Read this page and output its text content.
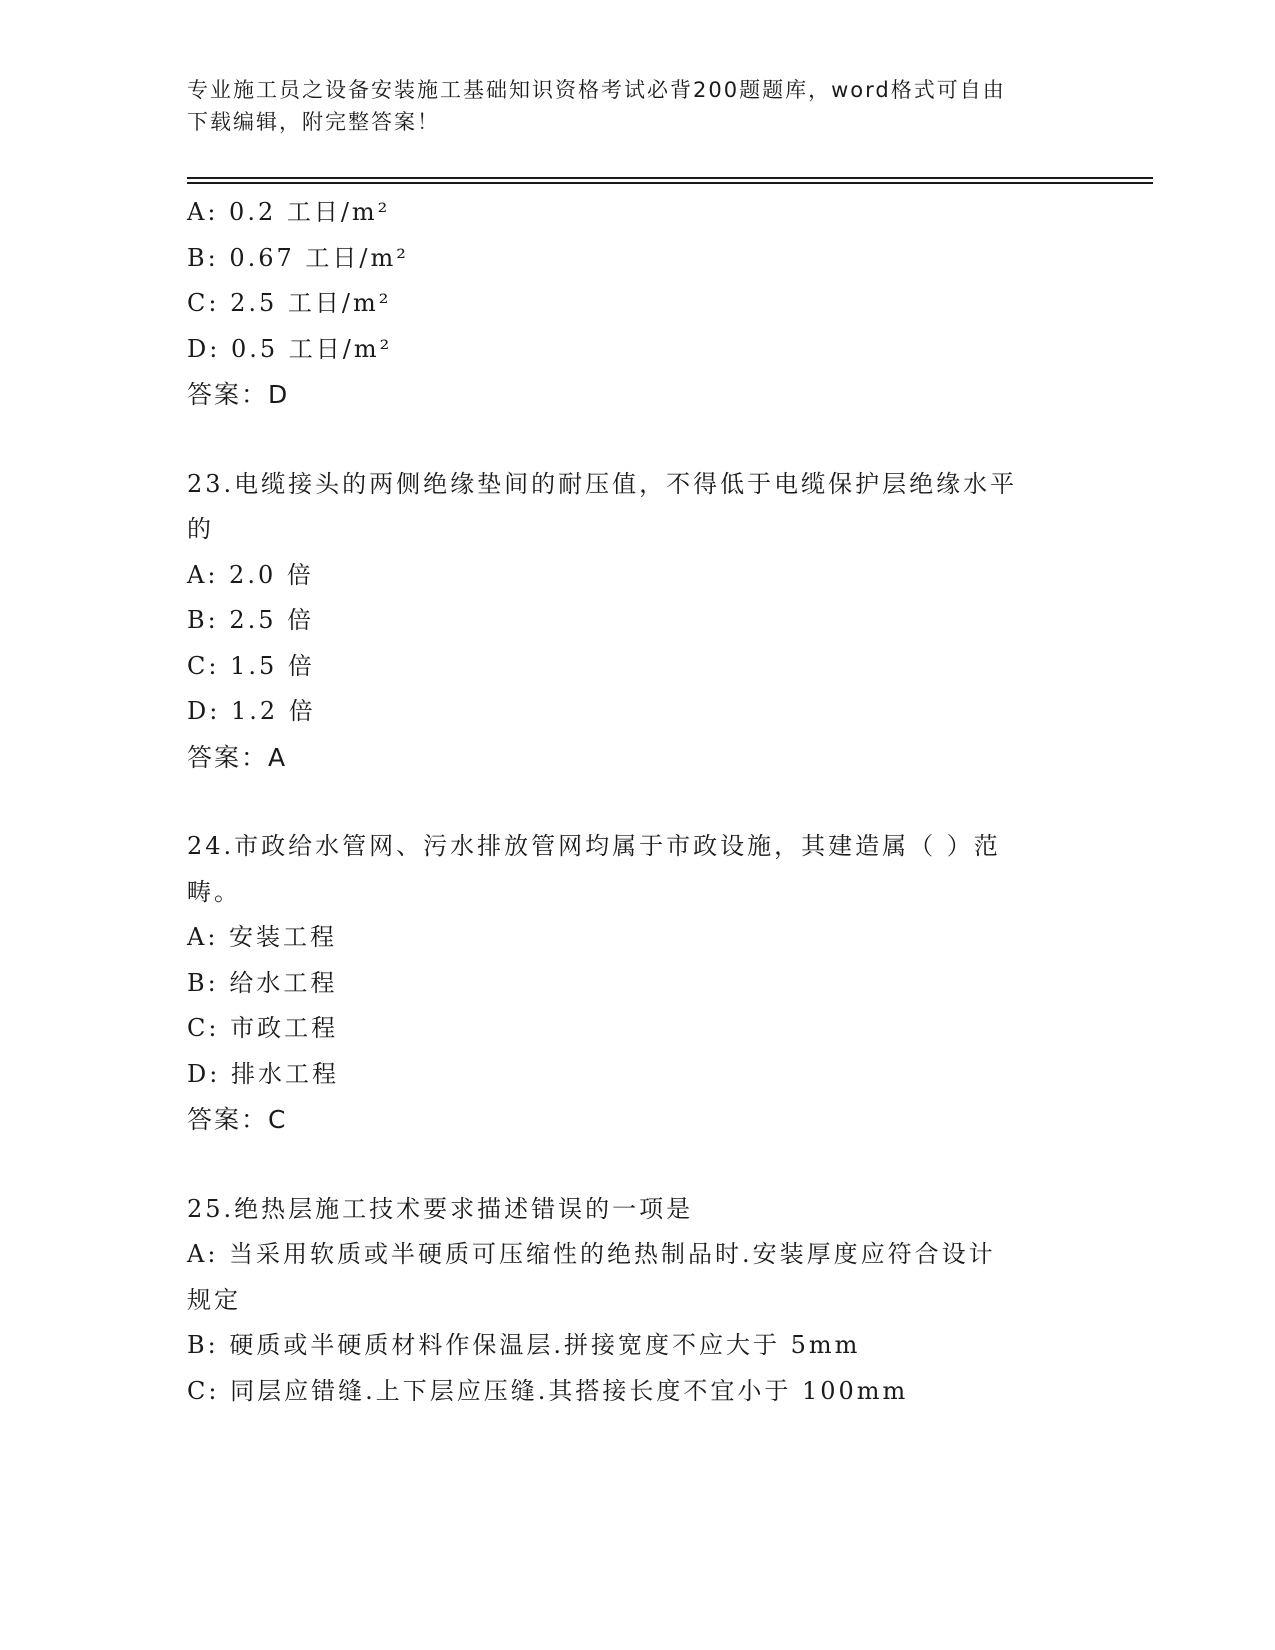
专业施工员之设备安装施工基础知识资格考试必背200题题库，word格式可自由
下载编辑，附完整答案！
A: 0.2 工日/m²
B: 0.67 工日/m²
C: 2.5 工日/m²
D: 0.5 工日/m²
答案：D
23.电缆接头的两侧绝缘垫间的耐压值，不得低于电缆保护层绝缘水平
的
A: 2.0 倍
B: 2.5 倍
C: 1.5 倍
D: 1.2 倍
答案：A
24.市政给水管网、污水排放管网均属于市政设施，其建造属（ ）范
畴。
A: 安装工程
B: 给水工程
C: 市政工程
D: 排水工程
答案：C
25.绝热层施工技术要求描述错误的一项是
A: 当采用软质或半硬质可压缩性的绝热制品时.安装厚度应符合设计
规定
B: 硬质或半硬质材料作保温层.拼接宽度不应大于 5mm
C: 同层应错缝.上下层应压缝.其搭接长度不宜小于 100mm
